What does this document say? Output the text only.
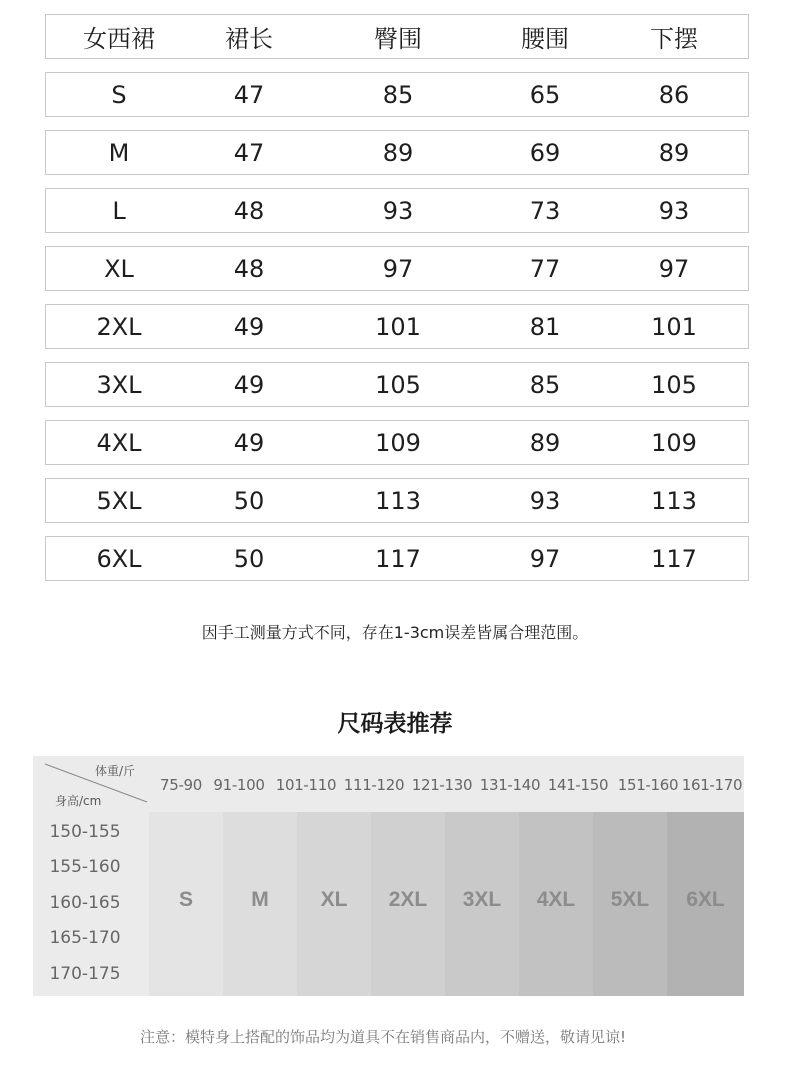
女西裙	裙长	臀围	腰围	下摆
S	47	85	65	86
M	47	89	69	89
L	48	93	73	93
XL	48	97	77	97
2XL	49	101	81	101
3XL	49	105	85	105
4XL	49	109	89	109
5XL	50	113	93	113
6XL	50	117	97	117
因手工测量方式不同，存在1-3cm误差皆属合理范围。
尺码表推荐
体重/斤
身高/cm
75-90 91-100 101-110 111-120 121-130 131-140 141-150 151-160 161-170
150-155
155-160
160-165
165-170
170-175
S	M	XL	2XL	3XL	4XL	5XL	6XL
注意：模特身上搭配的饰品均为道具不在销售商品内，不赠送，敬请见谅!
